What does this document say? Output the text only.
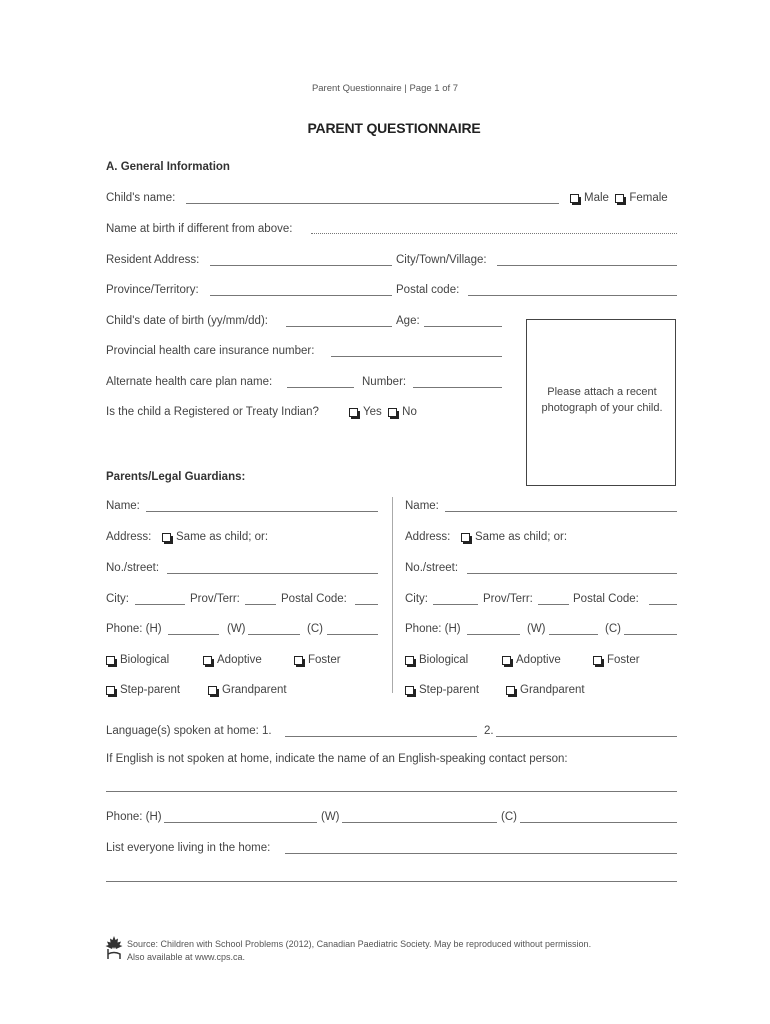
Parent Questionnaire | Page 1 of 7
PARENT QUESTIONNAIRE
A. General Information
Child's name:	Male
Female
Name at birth if different from above:
Resident Address:	City/Town/Village:
Province/Territory:	Postal code:
Child's date of birth (yy/mm/dd):	Age:
Provincial health care insurance number:
Alternate health care plan name:	Number:
Is the child a Registered or Treaty Indian?	Yes
No
Please attach a recent photograph of your child.
Parents/Legal Guardians:
Name:
Address: Same as child; or:
No./street:
City:	Prov/Terr:	Postal Code:
Phone: (H)	(W)	(C)
Biological	Adoptive	Foster
Step-parent	Grandparent
Name:
Address: Same as child; or:
No./street:
City:	Prov/Terr:	Postal Code:
Phone: (H)	(W)	(C)
Biological	Adoptive	Foster
Step-parent	Grandparent
Language(s) spoken at home: 1.	2.
If English is not spoken at home, indicate the name of an English-speaking contact person:
Phone: (H)	(W)	(C)
List everyone living in the home:
Source: Children with School Problems (2012), Canadian Paediatric Society. May be reproduced without permission.
Also available at www.cps.ca.
